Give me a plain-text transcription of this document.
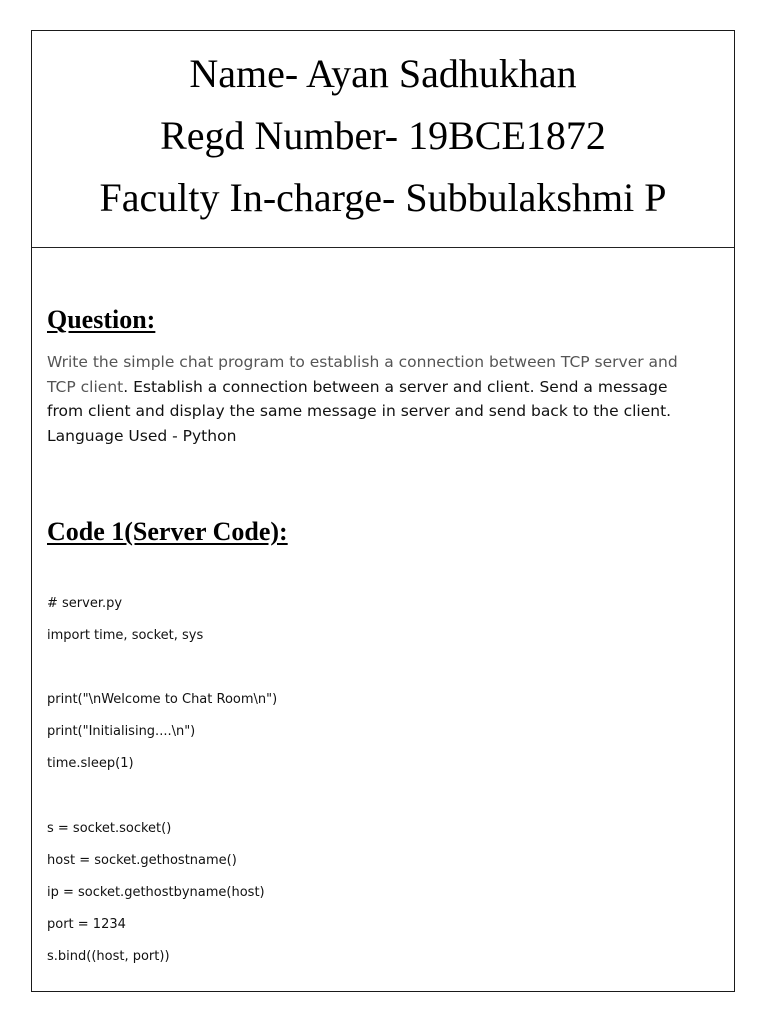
Name- Ayan Sadhukhan
Regd Number- 19BCE1872
Faculty In-charge- Subbulakshmi P
Question:
Write the simple chat program to establish a connection between TCP server and TCP client. Establish a connection between a server and client. Send a message from client and display the same message in server and send back to the client.
Language Used - Python
Code 1(Server Code):
# server.py
import time, socket, sys
print("\nWelcome to Chat Room\n")
print("Initialising....\n")
time.sleep(1)
s = socket.socket()
host = socket.gethostname()
ip = socket.gethostbyname(host)
port = 1234
s.bind((host, port))
